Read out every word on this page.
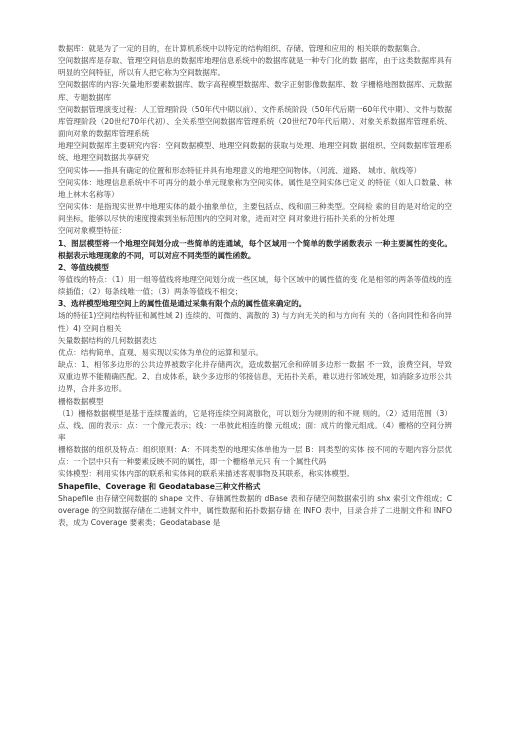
数据库：就是为了一定的目的，在计算机系统中以特定的结构组织、存储、管理和应用的 相关联的数据集合。

空间数据库是存取、管理空间信息的数据库地理信息系统中的数据库就是一种专门化的数 据库，由于这类数据库具有明显的空间特征，所以有人把它称为空间数据库。

空间数据库的内容:矢量地形要素数据库、数字高程模型数据库、数字正射影像数据库、数 字栅格地图数据库、元数据库、专题数据库

空间数据管理演变过程：人工管理阶段（50年代中期以前）、文件系统阶段（50年代后期一60年代中期）、文件与数据库管理阶段（20世纪70年代初）、全关系型空间数据库管理系统（20世纪70年代后期）、对象关系数据库管理系统、面向对象的数据库管理系统

地理空间数据库主要研究内容：空间数据模型、地理空间数据的获取与处理、地理空间数 据组织、空间数据库管理系统、地理空间数据共享研究

空间实体——指具有确定的位置和形态特征并具有地理意义的地理空间物体。（河流、道路、 城市、航线等）

空间实体：地理信息系统中不可再分的最小单元现象称为空间实体。属性是空间实体已定义 的特征（如人口数量、林地上林木名称等）

空间实体：是指现实世界中地理实体的最小抽象单位，主要包括点、线和面三种类型。空间检 索的目的是对给定的空间坐标，能够以尽快的速度搜索到坐标范围内的空间对象，进而对空 间对象进行拓扑关系的分析处理

空间对象模型特征：

1、图层模型将一个地理空间划分成一些简单的连通域，每个区域用一个简单的数学函数表示 一种主要属性的变化。根据表示地理现象的不同，可以对应不同类型的属性函数。

2、等值线模型

等值线的特点：（1）用一组等值线将地理空间划分成一些区域，每个区域中的属性值的变 化是相邻的两条等值线的连续插值；（2）每条线唯一值；（3）两条等值线不相交；

3、选样模型地理空间上的属性值是通过采集有限个点的属性值来确定的。

场的特征1)空间结构特征和属性域 2) 连续的、可微的、离散的 3) 与方向无关的和与方向有 关的（各向同性和各向异性）4) 空间自相关

矢量数据结构的几何数据表达

优点：结构简单、直观、易实现以实体为单位的运算和显示。

缺点：1、相邻多边形的公共边界被数字化并存储两次，造成数据冗余和碎屑多边形一数据 不一致，浪费空间，导致双重边界不能精确匹配。2、自成体系，缺少多边形的邻接信息，无拓扑关系，难以进行邻域处理，如消除多边形公共边界，合并多边形。

栅格数据模型

（1）栅格数据模型是基于连续覆盖的，它是将连续空间离散化，可以划分为规则的和不规 则的。（2）适用范围（3）点、线、面的表示：点：一个像元表示；线：一串彼此相连的像 元组成；面：成片的像元组成。（4）栅格的空间分辨率

栅格数据的组织及特点：组织原则：A：不同类型的地理实体单他为一层 B：同类型的实体 按不同的专题内容分层优点：一个层中只有一种要素反映不同的属性，即一个栅格单元只 有一个属性代码

实体模型：利用实体内部的联系和实体间的联系来描述客观事物及其联系，称实体模型。

Shapefile、Coverage 和 Geodatabase三种文件格式

Shapefile 由存储空间数据的 shape 文件、存储属性数据的 dBase 表和存储空间数据索引的 shx 索引文件组成；Coverage 的空间数据存储在二进制文件中，属性数据和拓扑数据存储 在 INFO 表中，目录合并了二进制文件和 INFO 表，成为 Coverage 要素类；Geodatabase 是
